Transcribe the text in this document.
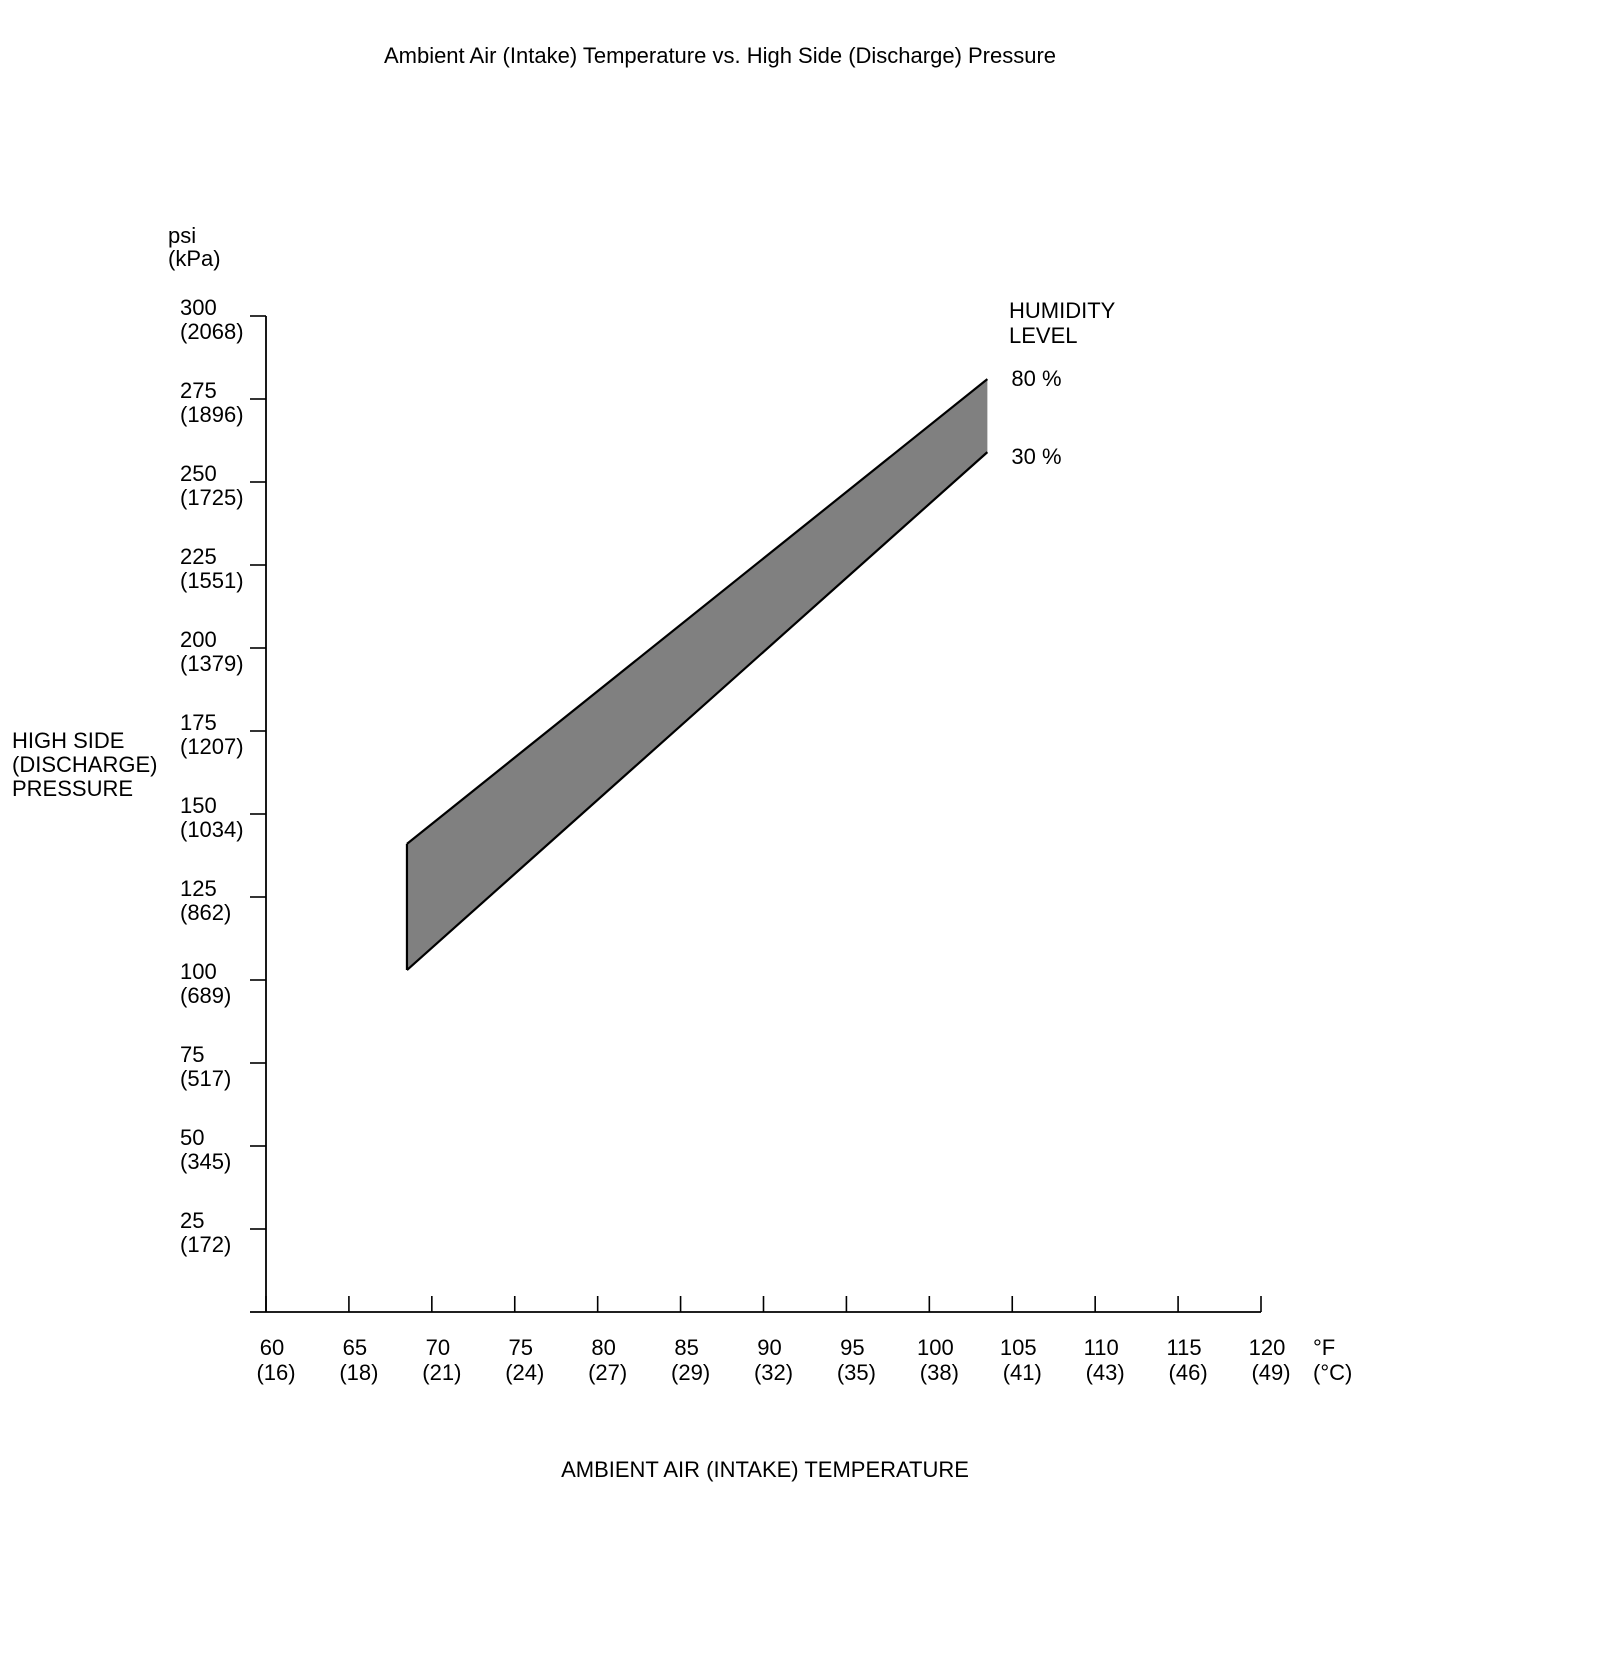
Ambient Air (Intake) Temperature vs. High Side (Discharge) Pressure
psi (kPa)
HIGH SIDE (DISCHARGE) PRESSURE
HUMIDITY LEVEL
°F (°C)
AMBIENT AIR (INTAKE) TEMPERATURE
80 %
30 %
300 (2068)
275 (1896)
250 (1725)
225 (1551)
200 (1379)
175 (1207)
150 (1034)
125 (862)
100 (689)
75 (517)
50 (345)
25 (172)
60 (16)
65 (18)
70 (21)
75 (24)
80 (27)
85 (29)
90 (32)
95 (35)
100 (38)
105 (41)
110 (43)
115 (46)
120 (49)
